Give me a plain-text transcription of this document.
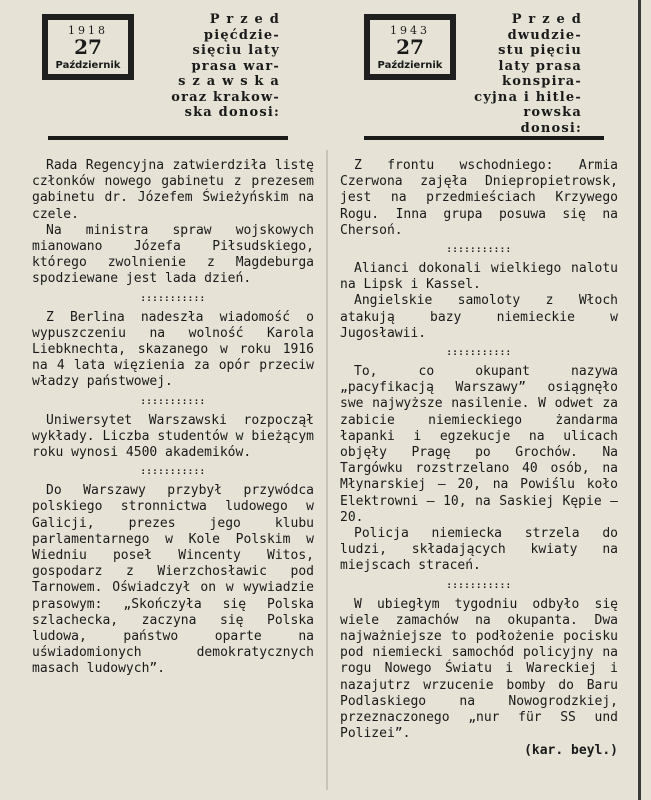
1918
27
Październik
P r z e d
pięćdzie-
sięciu laty
prasa war-
s z a w s k a
oraz krakow-
ska donosi:

Rada Regencyjna zatwierdziła listę członków nowego gabinetu z prezesem gabinetu dr. Józefem Świeżyńskim na czele.

Na ministra spraw wojskowych mianowano Józefa Piłsudskiego, którego zwolnienie z Magdeburga spodziewane jest lada dzień.

:::::::::::

Z Berlina nadeszła wiadomość o wypuszczeniu na wolność Karola Liebknechta, skazanego w roku 1916 na 4 lata więzienia za opór przeciw władzy państwowej.

:::::::::::

Uniwersytet Warszawski rozpoczął wykłady. Liczba studentów w bieżącym roku wynosi 4500 akademików.

:::::::::::

Do Warszawy przybył przywódca polskiego stronnictwa ludowego w Galicji, prezes jego klubu parlamentarnego w Kole Polskim w Wiedniu poseł Wincenty Witos, gospodarz z Wierzchosławic pod Tarnowem. Oświadczył on w wywiadzie prasowym: „Skończyła się Polska szlachecka, zaczyna się Polska ludowa, państwo oparte na uświadomionych demokratycznych masach ludowych”.

1943
27
Październik
P r z e d
dwudzie-
stu pięciu
laty prasa
konspira-
cyjna i hitle-
rowska donosi:

Z frontu wschodniego: Armia Czerwona zajęła Dniepropietrowsk, jest na przedmieściach Krzywego Rogu. Inna grupa posuwa się na Chersoń.

:::::::::::

Alianci dokonali wielkiego nalotu na Lipsk i Kassel.

Angielskie samoloty z Włoch atakują bazy niemieckie w Jugosławii.

:::::::::::

To, co okupant nazywa „pacyfikacją Warszawy” osiągnęło swe najwyższe nasilenie. W odwet za zabicie niemieckiego żandarma łapanki i egzekucje na ulicach objęły Pragę po Grochów. Na Targówku rozstrzelano 40 osób, na Młynarskiej — 20, na Powiślu koło Elektrowni — 10, na Saskiej Kępie — 20.

Policja niemiecka strzela do ludzi, składających kwiaty na miejscach straceń.

:::::::::::

W ubiegłym tygodniu odbyło się wiele zamachów na okupanta. Dwa najważniejsze to podłożenie pocisku pod niemiecki samochód policyjny na rogu Nowego Światu i Wareckiej i nazajutrz wrzucenie bomby do Baru Podlaskiego na Nowogrodzkiej, przeznaczonego „nur für SS und Polizei”.

(kar. beyl.)
